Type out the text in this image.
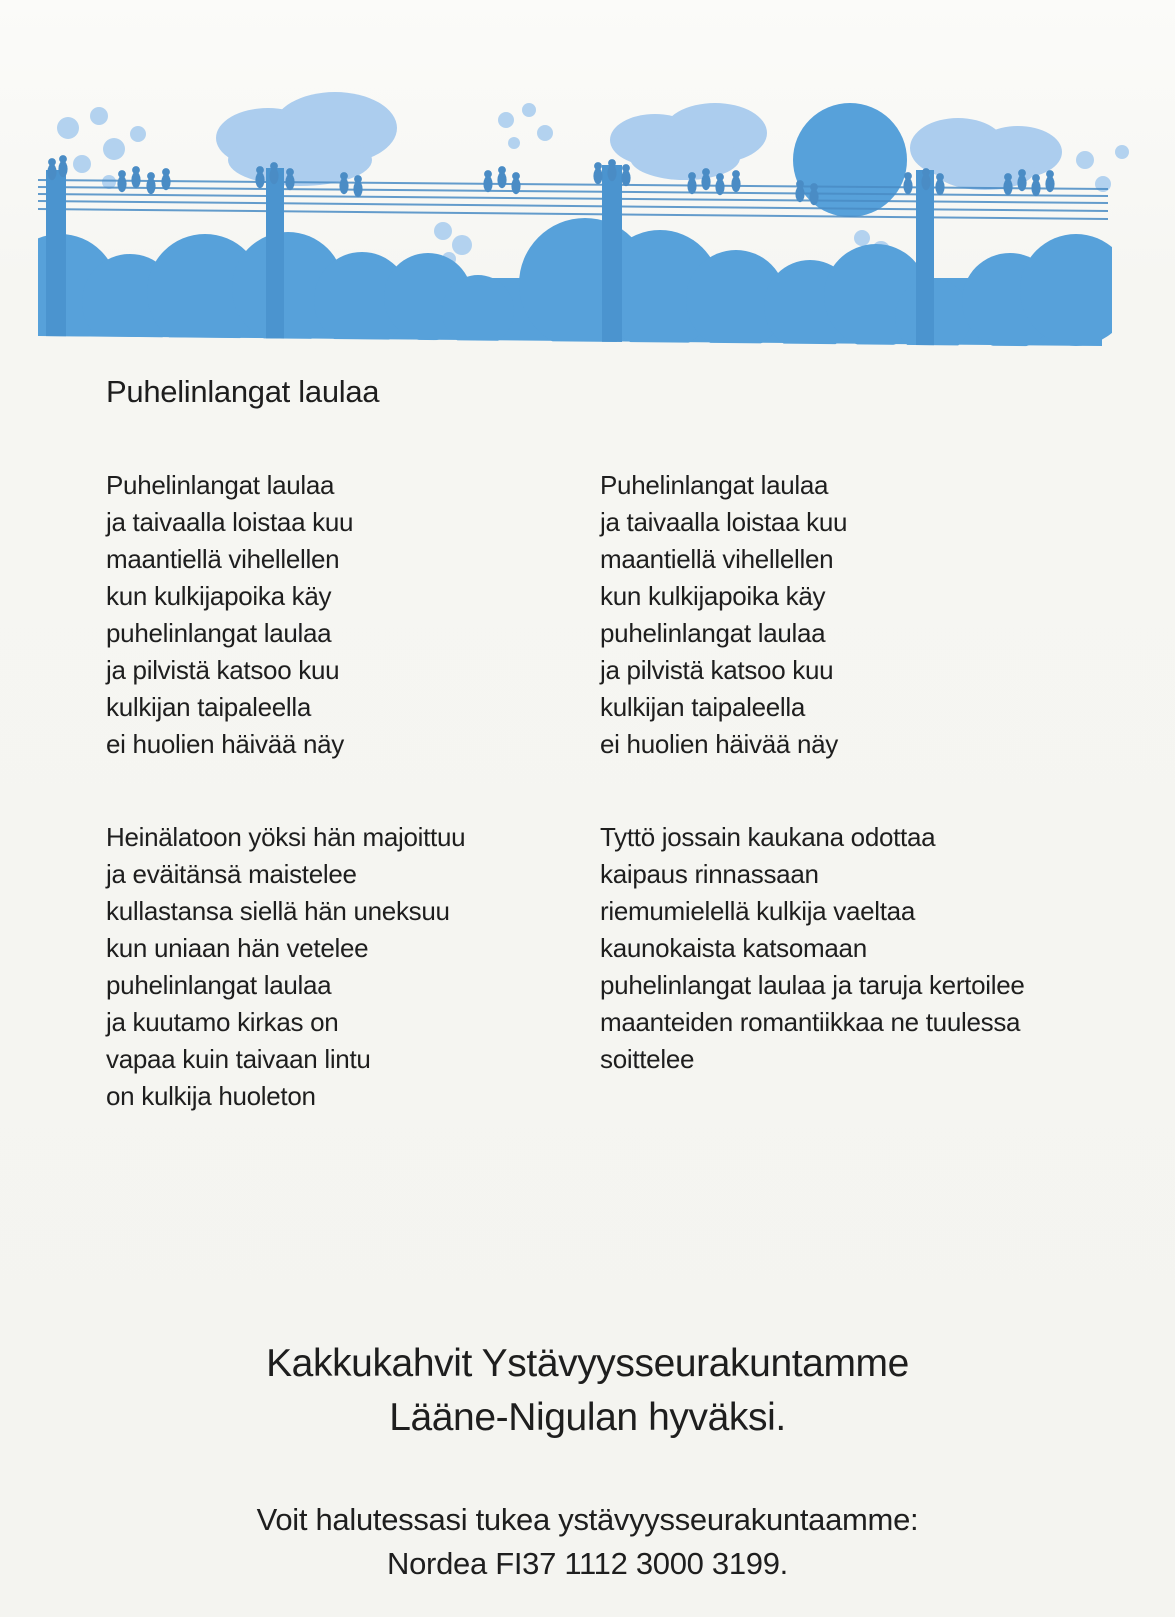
Puhelinlangat laulaa
Puhelinlangat laulaa
ja taivaalla loistaa kuu
maantiellä vihellellen
kun kulkijapoika käy
puhelinlangat laulaa
ja pilvistä katsoo kuu
kulkijan taipaleella
ei huolien häivää näy
Heinälatoon yöksi hän majoittuu
ja eväitänsä maistelee
kullastansa siellä hän uneksuu
kun uniaan hän vetelee
puhelinlangat laulaa
ja kuutamo kirkas on
vapaa kuin taivaan lintu
on kulkija huoleton
Puhelinlangat laulaa
ja taivaalla loistaa kuu
maantiellä vihellellen
kun kulkijapoika käy
puhelinlangat laulaa
ja pilvistä katsoo kuu
kulkijan taipaleella
ei huolien häivää näy
Tyttö jossain kaukana odottaa
kaipaus rinnassaan
riemumielellä kulkija vaeltaa
kaunokaista katsomaan
puhelinlangat laulaa ja taruja kertoilee
maanteiden romantiikkaa ne tuulessa
soittelee
Kakkukahvit Ystävyysseurakuntamme
Lääne-Nigulan hyväksi.
Voit halutessasi tukea ystävyysseurakuntaamme:
Nordea FI37 1112 3000 3199.
